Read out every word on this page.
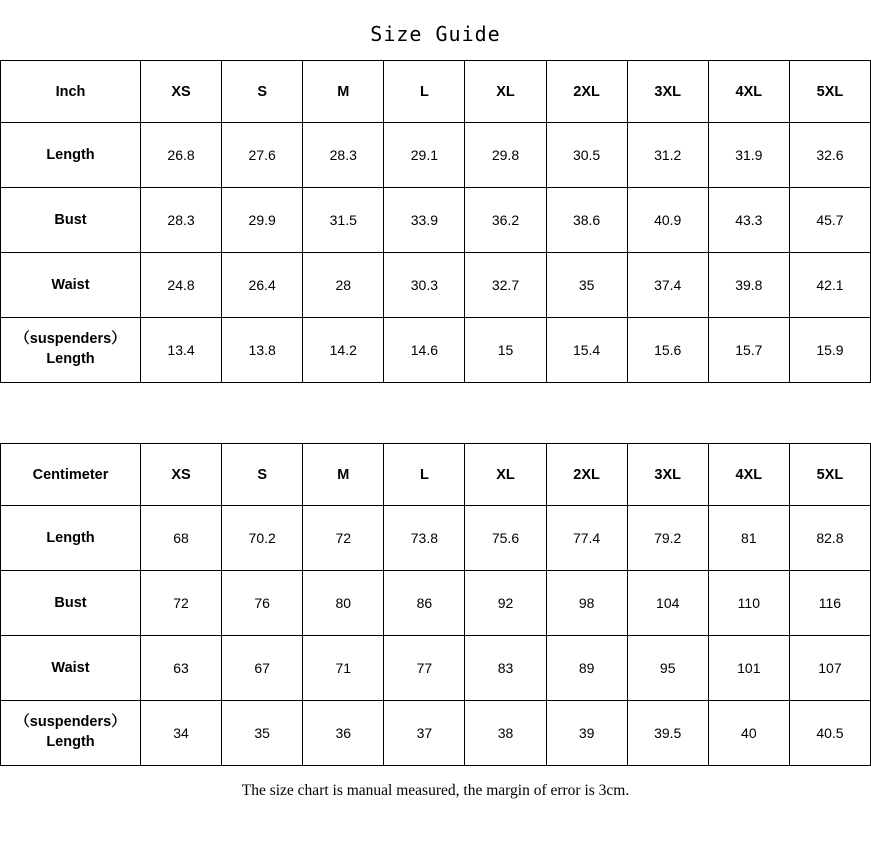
Size Guide
Inch	XS	S	M	L	XL	2XL	3XL	4XL	5XL
Length	26.8	27.6	28.3	29.1	29.8	30.5	31.2	31.9	32.6
Bust	28.3	29.9	31.5	33.9	36.2	38.6	40.9	43.3	45.7
Waist	24.8	26.4	28	30.3	32.7	35	37.4	39.8	42.1

（suspenders）
Length	13.4	13.8	14.2	14.6	15	15.4	15.6	15.7	15.9
Centimeter	XS	S	M	L	XL	2XL	3XL	4XL	5XL
Length	68	70.2	72	73.8	75.6	77.4	79.2	81	82.8
Bust	72	76	80	86	92	98	104	110	116
Waist	63	67	71	77	83	89	95	101	107

（suspenders）
Length	34	35	36	37	38	39	39.5	40	40.5
The size chart is manual measured, the margin of error is 3cm.
